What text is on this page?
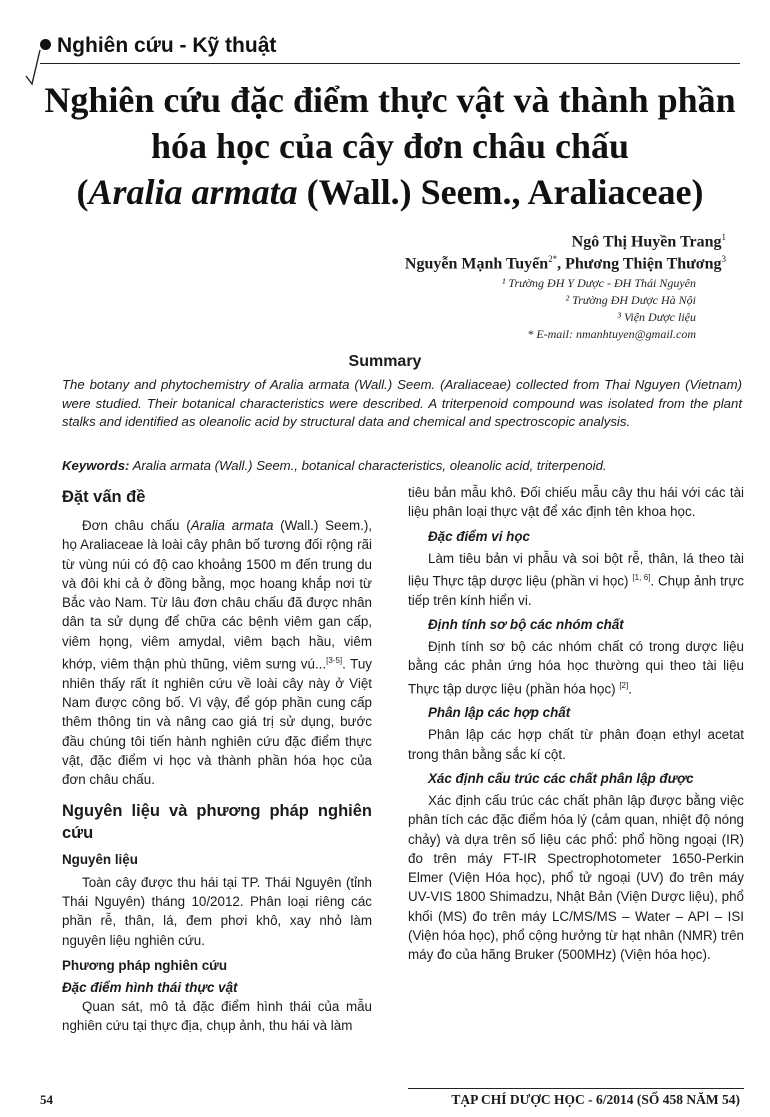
Nghiên cứu - Kỹ thuật
Nghiên cứu đặc điểm thực vật và thành phần
hóa học của cây đơn châu chấu
(Aralia armata (Wall.) Seem., Araliaceae)
Ngô Thị Huyền Trang$^1$
Nguyễn Mạnh Tuyển$^{2*}$, Phương Thiện Thương$^3$
¹ Trường ĐH Y Dược - ĐH Thái Nguyên
² Trường ĐH Dược Hà Nội
³ Viện Dược liệu
* E-mail: nmanhtuyen@gmail.com
Summary
The botany and phytochemistry of Aralia armata (Wall.) Seem. (Araliaceae) collected from Thai Nguyen (Vietnam) were studied. Their botanical characteristics were described. A triterpenoid compound was isolated from the plant stalks and identified as oleanolic acid by structural data and chemical and spectroscopic analysis.
Keywords: Aralia armata (Wall.) Seem., botanical characteristics, oleanolic acid, triterpenoid.
Đặt vấn đề

Đơn châu chấu (Aralia armata (Wall.) Seem.), họ Araliaceae là loài cây phân bố tương đối rộng rãi từ vùng núi có độ cao khoảng 1500 m đến trung du và đôi khi cả ở đồng bằng, mọc hoang khắp nơi từ Bắc vào Nam. Từ lâu đơn châu chấu đã được nhân dân ta sử dụng để chữa các bệnh viêm gan cấp, viêm họng, viêm amydal, viêm bạch hầu, viêm khớp, viêm thận phù thũng, viêm sưng vú...[3-5]. Tuy nhiên thấy rất ít nghiên cứu về loài cây này ở Việt Nam được công bố. Vì vậy, để góp phần cung cấp thêm thông tin và nâng cao giá trị sử dụng, bước đầu chúng tôi tiến hành nghiên cứu đặc điểm thực vật, đặc điểm vi học và thành phần hóa học của đơn châu chấu.

Nguyên liệu và phương pháp nghiên cứu
Nguyên liệu

Toàn cây được thu hái tại TP. Thái Nguyên (tỉnh Thái Nguyên) tháng 10/2012. Phân loại riêng các phần rễ, thân, lá, đem phơi khô, xay nhỏ làm nguyên liệu nghiên cứu.

Phương pháp nghiên cứu
Đặc điểm hình thái thực vật

Quan sát, mô tả đặc điểm hình thái của mẫu nghiên cứu tại thực địa, chụp ảnh, thu hái và làm

tiêu bản mẫu khô. Đối chiếu mẫu cây thu hái với các tài liệu phân loại thực vật để xác định tên khoa học.

Đặc điểm vi học

Làm tiêu bản vi phẫu và soi bột rễ, thân, lá theo tài liệu Thực tập dược liệu (phần vi học) [1, 6]. Chụp ảnh trực tiếp trên kính hiển vi.

Định tính sơ bộ các nhóm chất

Định tính sơ bộ các nhóm chất có trong dược liệu bằng các phản ứng hóa học thường qui theo tài liệu Thực tập dược liệu (phần hóa học) [2].

Phân lập các hợp chất

Phân lập các hợp chất từ phân đoạn ethyl acetat trong thân bằng sắc kí cột.

Xác định cấu trúc các chất phân lập được

Xác định cấu trúc các chất phân lập được bằng việc phân tích các đặc điểm hóa lý (cảm quan, nhiệt độ nóng chảy) và dựa trên số liệu các phổ: phổ hồng ngoại (IR) đo trên máy FT-IR Spectrophotometer 1650-Perkin Elmer (Viện Hóa học), phổ tử ngoại (UV) đo trên máy UV-VIS 1800 Shimadzu, Nhật Bản (Viện Dược liệu), phổ khối (MS) đo trên máy LC/MS/MS – Water – API – ISI (Viện hóa học), phổ cộng hưởng từ hạt nhân (NMR) trên máy đo của hãng Bruker (500MHz) (Viện hóa học).

54	TẠP CHÍ DƯỢC HỌC - 6/2014 (SỐ 458 NĂM 54)
